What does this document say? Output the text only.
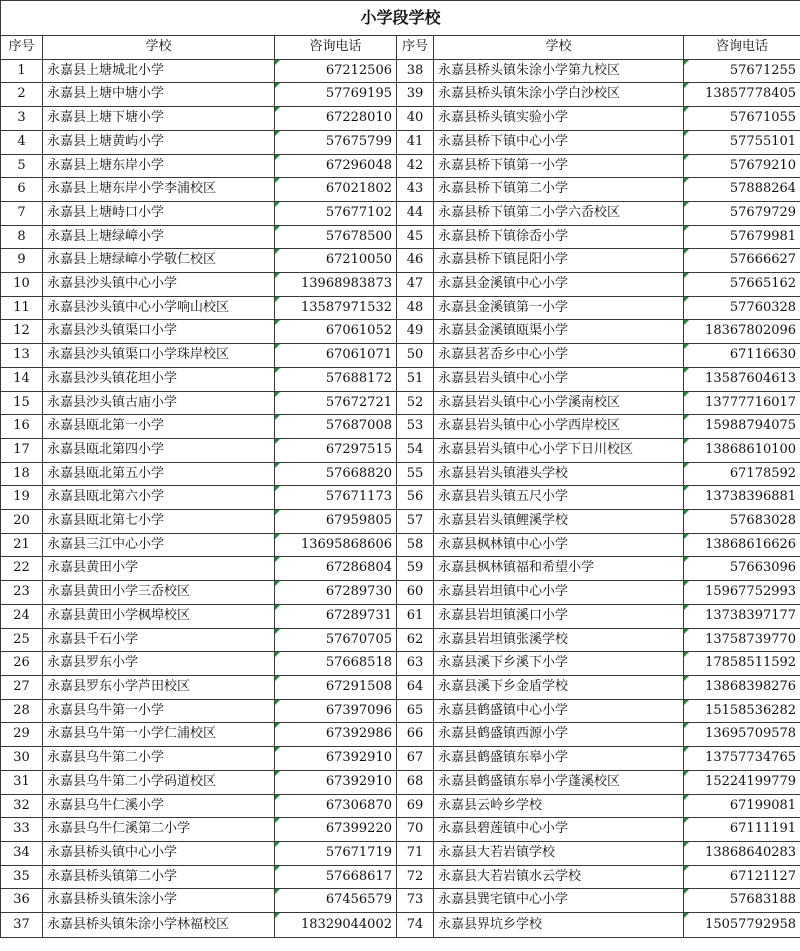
小学段学校					
序号	学校	咨询电话	序号	学校	咨询电话
1	永嘉县上塘城北小学	67212506	38	永嘉县桥头镇朱涂小学第九校区	57671255
2	永嘉县上塘中塘小学	57769195	39	永嘉县桥头镇朱涂小学白沙校区	13857778405
3	永嘉县上塘下塘小学	67228010	40	永嘉县桥头镇实验小学	57671055
4	永嘉县上塘黄屿小学	57675799	41	永嘉县桥下镇中心小学	57755101
5	永嘉县上塘东岸小学	67296048	42	永嘉县桥下镇第一小学	57679210
6	永嘉县上塘东岸小学李浦校区	67021802	43	永嘉县桥下镇第二小学	57888264
7	永嘉县上塘峙口小学	57677102	44	永嘉县桥下镇第二小学六岙校区	57679729
8	永嘉县上塘绿嶂小学	57678500	45	永嘉县桥下镇徐岙小学	57679981
9	永嘉县上塘绿嶂小学敬仁校区	67210050	46	永嘉县桥下镇昆阳小学	57666627
10	永嘉县沙头镇中心小学	13968983873	47	永嘉县金溪镇中心小学	57665162
11	永嘉县沙头镇中心小学响山校区	13587971532	48	永嘉县金溪镇第一小学	57760328
12	永嘉县沙头镇渠口小学	67061052	49	永嘉县金溪镇瓯渠小学	18367802096
13	永嘉县沙头镇渠口小学珠岸校区	67061071	50	永嘉县茗岙乡中心小学	67116630
14	永嘉县沙头镇花坦小学	57688172	51	永嘉县岩头镇中心小学	13587604613
15	永嘉县沙头镇古庙小学	57672721	52	永嘉县岩头镇中心小学溪南校区	13777716017
16	永嘉县瓯北第一小学	57687008	53	永嘉县岩头镇中心小学西岸校区	15988794075
17	永嘉县瓯北第四小学	67297515	54	永嘉县岩头镇中心小学下日川校区	13868610100
18	永嘉县瓯北第五小学	57668820	55	永嘉县岩头镇港头学校	67178592
19	永嘉县瓯北第六小学	57671173	56	永嘉县岩头镇五尺小学	13738396881
20	永嘉县瓯北第七小学	67959805	57	永嘉县岩头镇鲤溪学校	57683028
21	永嘉县三江中心小学	13695868606	58	永嘉县枫林镇中心小学	13868616626
22	永嘉县黄田小学	67286804	59	永嘉县枫林镇福和希望小学	57663096
23	永嘉县黄田小学三岙校区	67289730	60	永嘉县岩坦镇中心小学	15967752993
24	永嘉县黄田小学枫埠校区	67289731	61	永嘉县岩坦镇溪口小学	13738397177
25	永嘉县千石小学	57670705	62	永嘉县岩坦镇张溪学校	13758739770
26	永嘉县罗东小学	57668518	63	永嘉县溪下乡溪下小学	17858511592
27	永嘉县罗东小学芦田校区	67291508	64	永嘉县溪下乡金盾学校	13868398276
28	永嘉县乌牛第一小学	67397096	65	永嘉县鹤盛镇中心小学	15158536282
29	永嘉县乌牛第一小学仁浦校区	67392986	66	永嘉县鹤盛镇西源小学	13695709578
30	永嘉县乌牛第二小学	67392910	67	永嘉县鹤盛镇东皋小学	13757734765
31	永嘉县乌牛第二小学码道校区	67392910	68	永嘉县鹤盛镇东皋小学蓬溪校区	15224199779
32	永嘉县乌牛仁溪小学	67306870	69	永嘉县云岭乡学校	67199081
33	永嘉县乌牛仁溪第二小学	67399220	70	永嘉县碧莲镇中心小学	67111191
34	永嘉县桥头镇中心小学	57671719	71	永嘉县大若岩镇学校	13868640283
35	永嘉县桥头镇第二小学	57668617	72	永嘉县大若岩镇水云学校	67121127
36	永嘉县桥头镇朱涂小学	67456579	73	永嘉县巽宅镇中心小学	57683188
37	永嘉县桥头镇朱涂小学林福校区	18329044002	74	永嘉县界坑乡学校	15057792958
